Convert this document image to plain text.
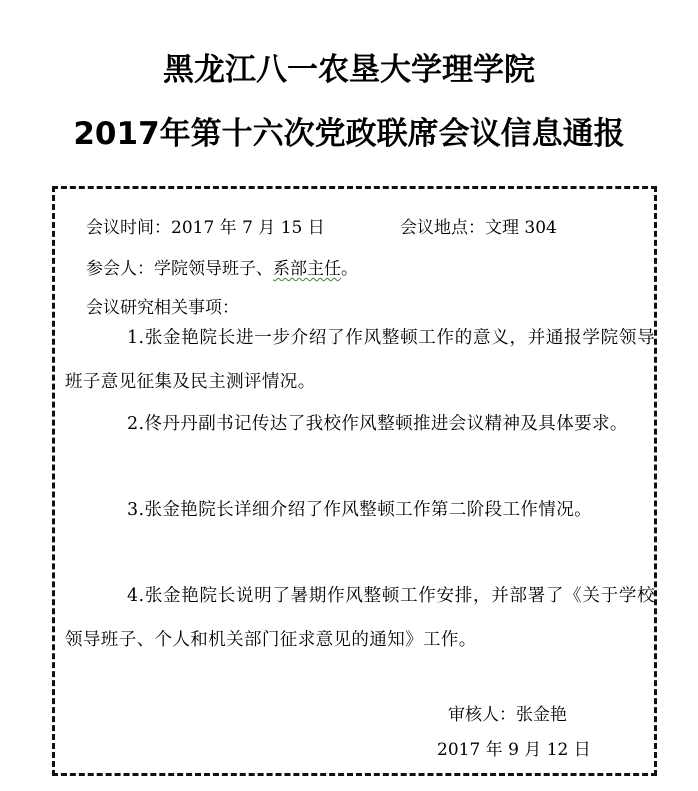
黑龙江八一农垦大学理学院
2017年第十六次党政联席会议信息通报
会议时间：2017 年 7 月 15 日	会议地点：文理 304
参会人：学院领导班子、系部主任。
会议研究相关事项：
1.张金艳院长进一步介绍了作风整顿工作的意义，并通报学院领导班子意见征集及民主测评情况。
2.佟丹丹副书记传达了我校作风整顿推进会议精神及具体要求。
3.张金艳院长详细介绍了作风整顿工作第二阶段工作情况。
4.张金艳院长说明了暑期作风整顿工作安排，并部署了《关于学校领导班子、个人和机关部门征求意见的通知》工作。
审核人：张金艳
2017 年 9 月 12 日
